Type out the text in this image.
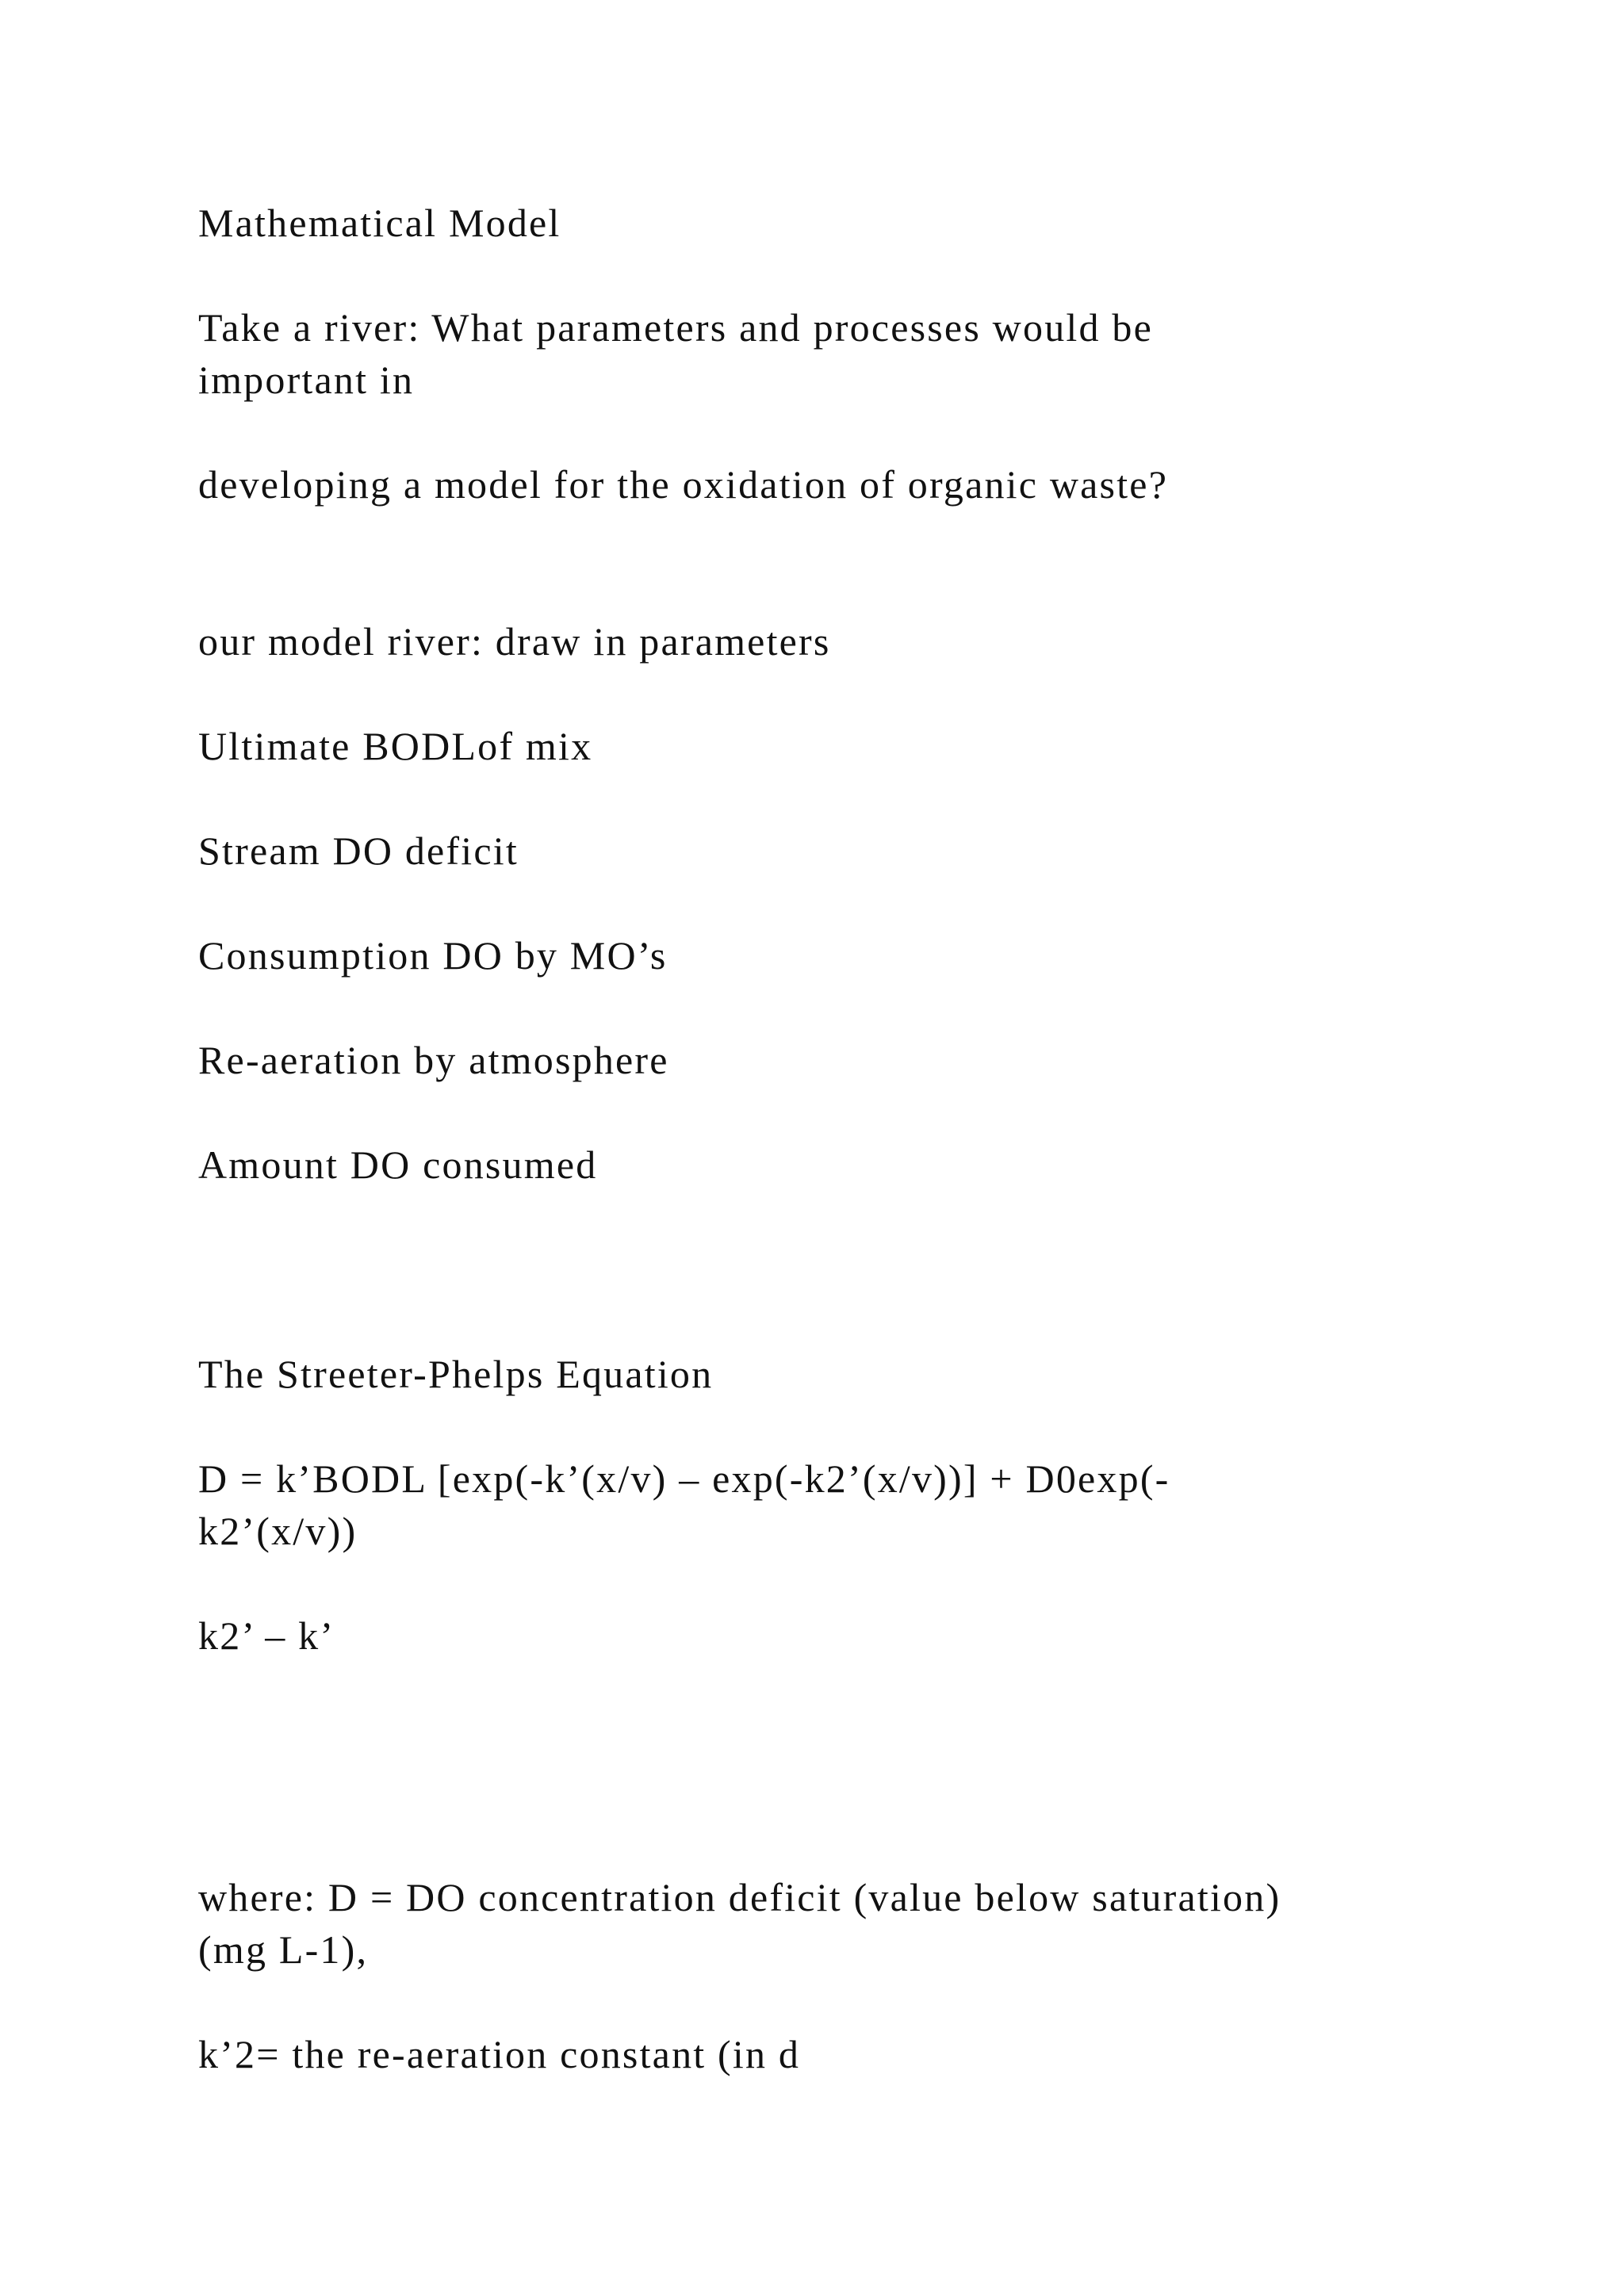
Mathematical Model

Take a river: What parameters and processes would be
important in

developing a model for the oxidation of organic waste?

our model river: draw in parameters

Ultimate BODLof mix

Stream DO deficit

Consumption DO by MO’s

Re-aeration by atmosphere

Amount DO consumed

The Streeter-Phelps Equation

D = k’BODL [exp(-k’(x/v) – exp(-k2’(x/v))] + D0exp(-
k2’(x/v))

k2’ – k’

where: D = DO concentration deficit (value below saturation)
(mg L-1),

k’2= the re-aeration constant (in d
